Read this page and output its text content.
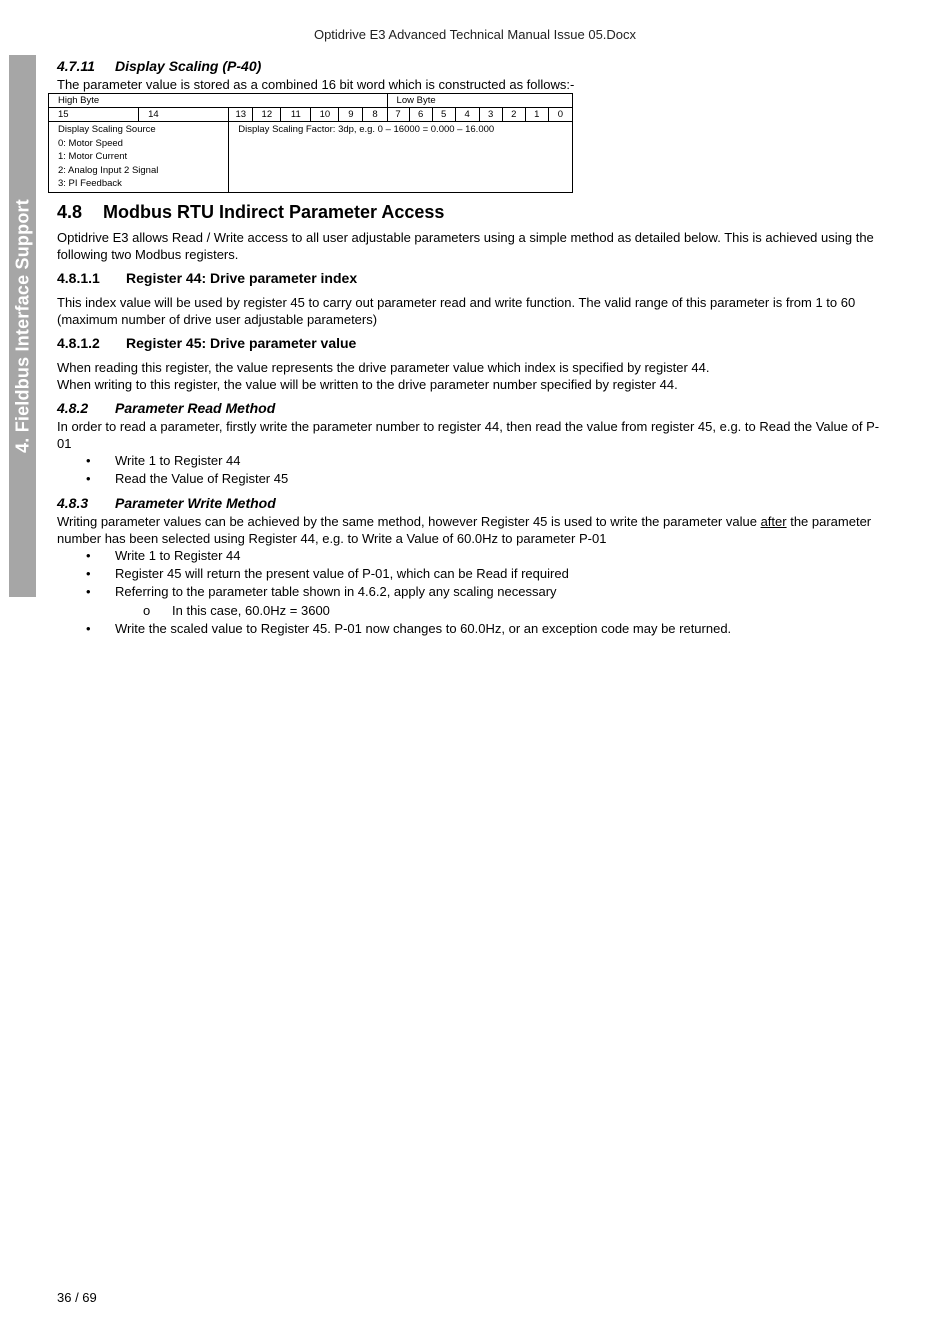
Optidrive E3 Advanced Technical Manual Issue 05.Docx
4. Fieldbus Interface Support

4.7.11 Display Scaling (P-40)

The parameter value is stored as a combined 16 bit word which is constructed as follows:-

High Byte								Low Byte							
15	14	13	12	11	10	9	8	7	6	5	4	3	2	1	0

Display Scaling Source
0: Motor Speed
1: Motor Current
2: Analog Input 2 Signal
3: PI Feedback		Display Scaling Factor: 3dp, e.g. 0 – 16000 = 0.000 – 16.000													

4.8 Modbus RTU Indirect Parameter Access

Optidrive E3 allows Read / Write access to all user adjustable parameters using a simple method as detailed below. This is achieved using the following two Modbus registers.

4.8.1.1 Register 44: Drive parameter index

This index value will be used by register 45 to carry out parameter read and write function. The valid range of this parameter is from 1 to 60 (maximum number of drive user adjustable parameters)

4.8.1.2 Register 45: Drive parameter value

When reading this register, the value represents the drive parameter value which index is specified by register 44.

When writing to this register, the value will be written to the drive parameter number specified by register 44.

4.8.2 Parameter Read Method

In order to read a parameter, firstly write the parameter number to register 44, then read the value from register 45, e.g. to Read the Value of P-01

• Write 1 to Register 44
• Read the Value of Register 45

4.8.3 Parameter Write Method

Writing parameter values can be achieved by the same method, however Register 45 is used to write the parameter value after the parameter number has been selected using Register 44, e.g. to Write a Value of 60.0Hz to parameter P-01

• Write 1 to Register 44
• Register 45 will return the present value of P-01, which can be Read if required
• Referring to the parameter table shown in 4.6.2, apply any scaling necessary
o In this case, 60.0Hz = 3600
• Write the scaled value to Register 45. P-01 now changes to 60.0Hz, or an exception code may be returned.
36 / 69
